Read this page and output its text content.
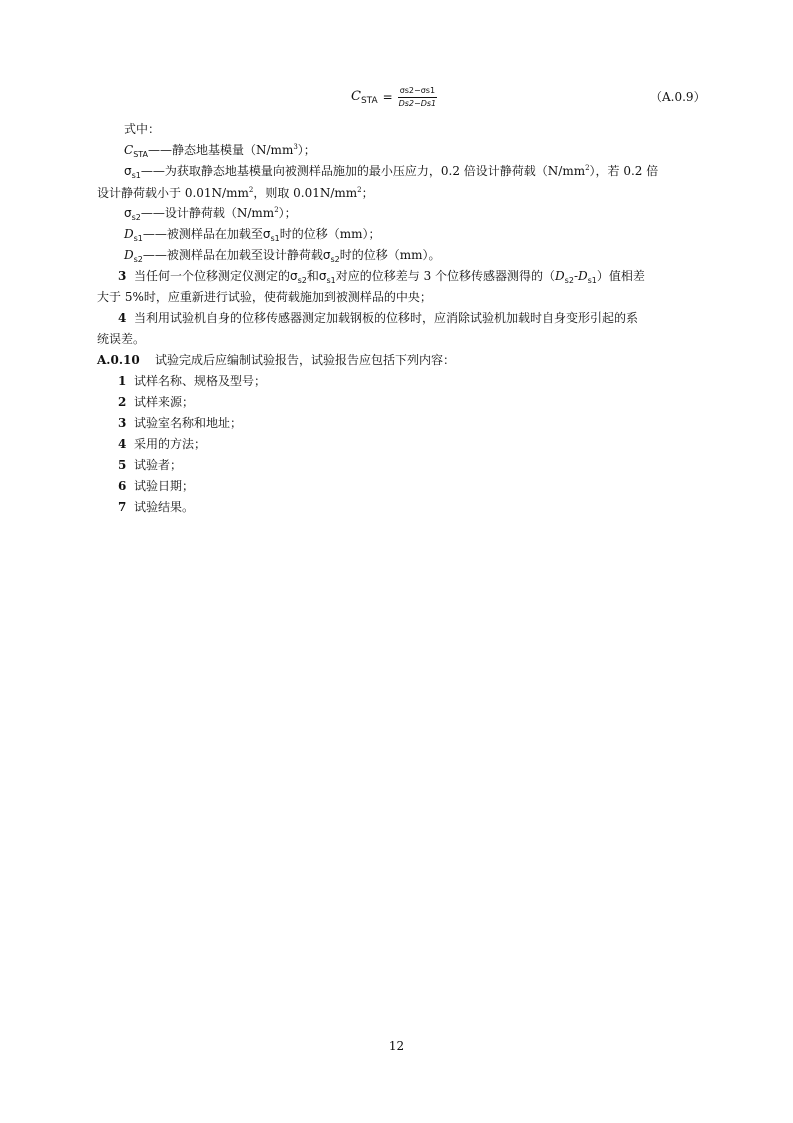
$C_{STA} = \frac{\sigma s2-\sigma s1}{Ds2-Ds1}$	（A.0.9）
式中：
$C_{STA}——$静态地基模量$(N/mm^3)$；
$\sigma_{s1}——$为获取静态地基模量向被测样品施加的最小压应力，0.2 倍设计静荷载$(N/mm^2)$，若 0.2 倍
设计静荷载小于 $0.01N/mm^2$，则取 $0.01N/mm^2$；
$\sigma_{s2}——$设计静荷载$(N/mm^2)$；
$D_{s1}——$被测样品在加载至$\sigma_{s1}$时的位移（mm）；
$D_{s2}——$被测样品在加载至设计静荷载$\sigma_{s2}$时的位移（mm）。
3 当任何一个位移测定仪测定的$\sigma_{s2}$和$\sigma_{s1}$对应的位移差与 3 个位移传感器测得的$(D_{s2}-D_{s1})$值相差
大于 5%时，应重新进行试验，使荷载施加到被测样品的中央；
4 当利用试验机自身的位移传感器测定加载钢板的位移时，应消除试验机加载时自身变形引起的系
统误差。
A.0.10 试验完成后应编制试验报告，试验报告应包括下列内容：
1 试样名称、规格及型号；
2 试样来源；
3 试验室名称和地址；
4 采用的方法；
5 试验者；
6 试验日期；
7 试验结果。
12
